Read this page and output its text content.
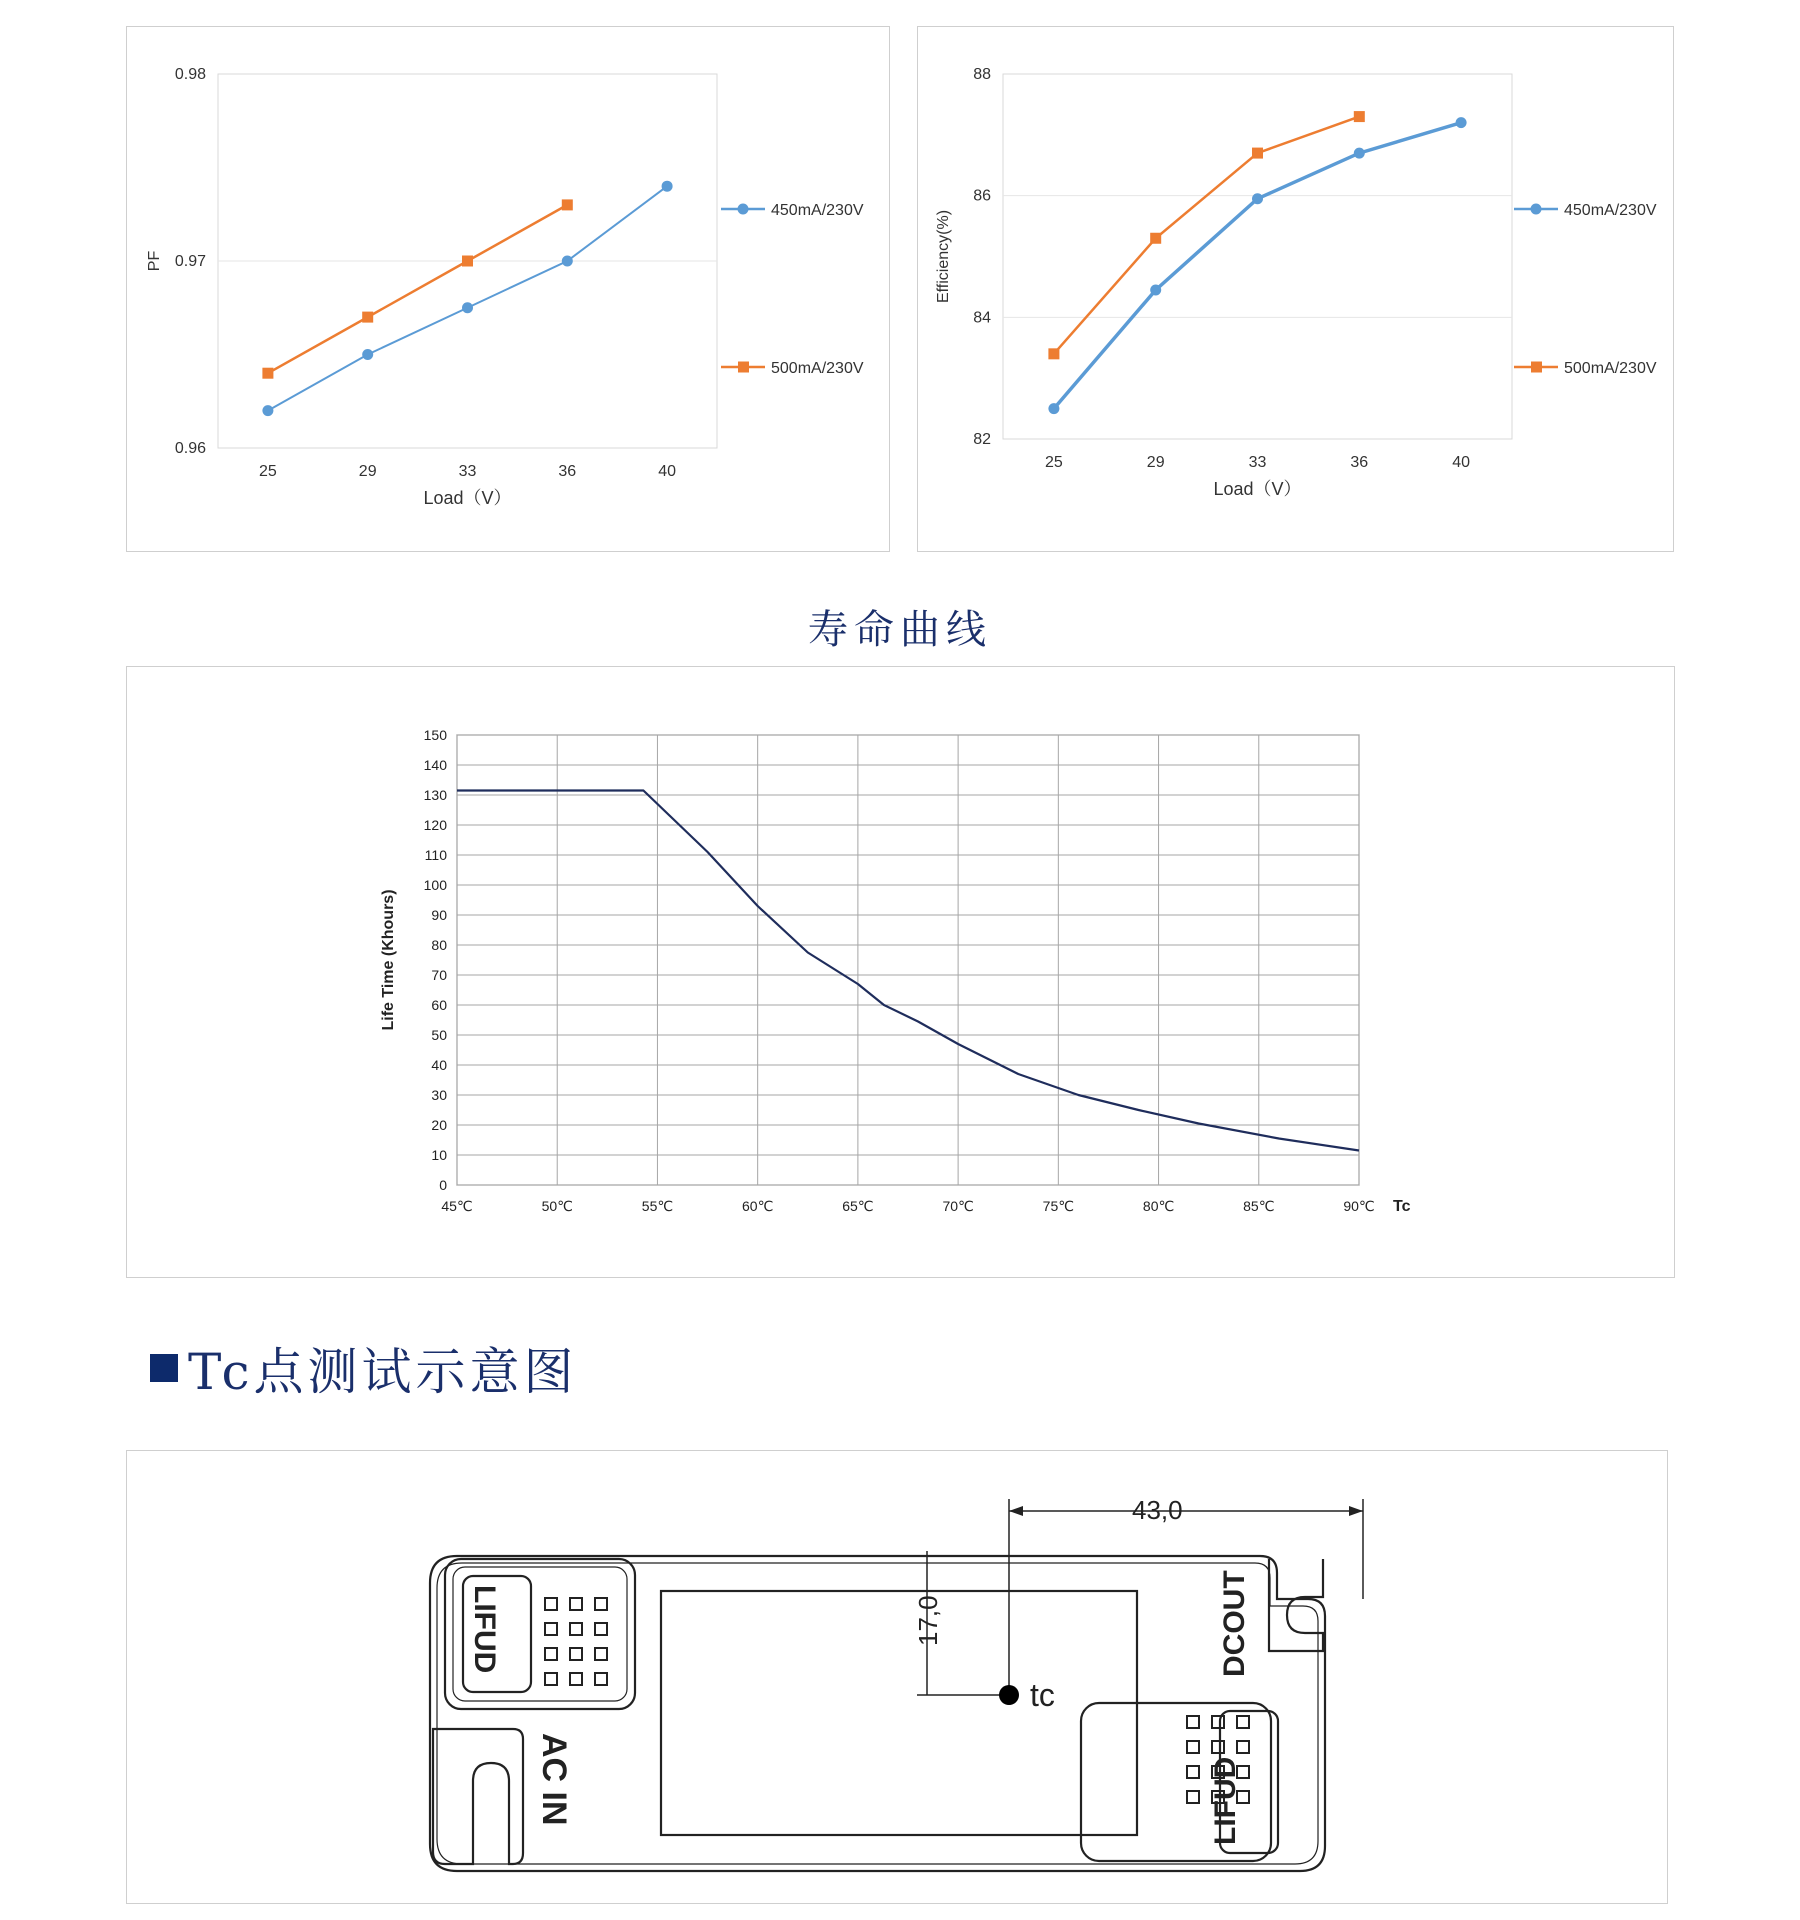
0.96
0.97
0.98
25	29	33	36	40
Load（V）
PF
450mA/230V
500mA/230V
82
84
86
88
25	29	33	36	40
Load（V）
Efficiency(%)	450mA/230V
500mA/230V
寿命曲线
0
10
20
30
40
50
60
70
80
90
100
110
120
130
140
150
45℃	50℃	55℃	60℃	65℃	70℃	75℃	80℃	85℃	90℃ Tc
Life Time (Khours)
Tc点测试示意图
43,0
17,0
tc
AC IN
DCOUT
LIFUD
LIFUD
